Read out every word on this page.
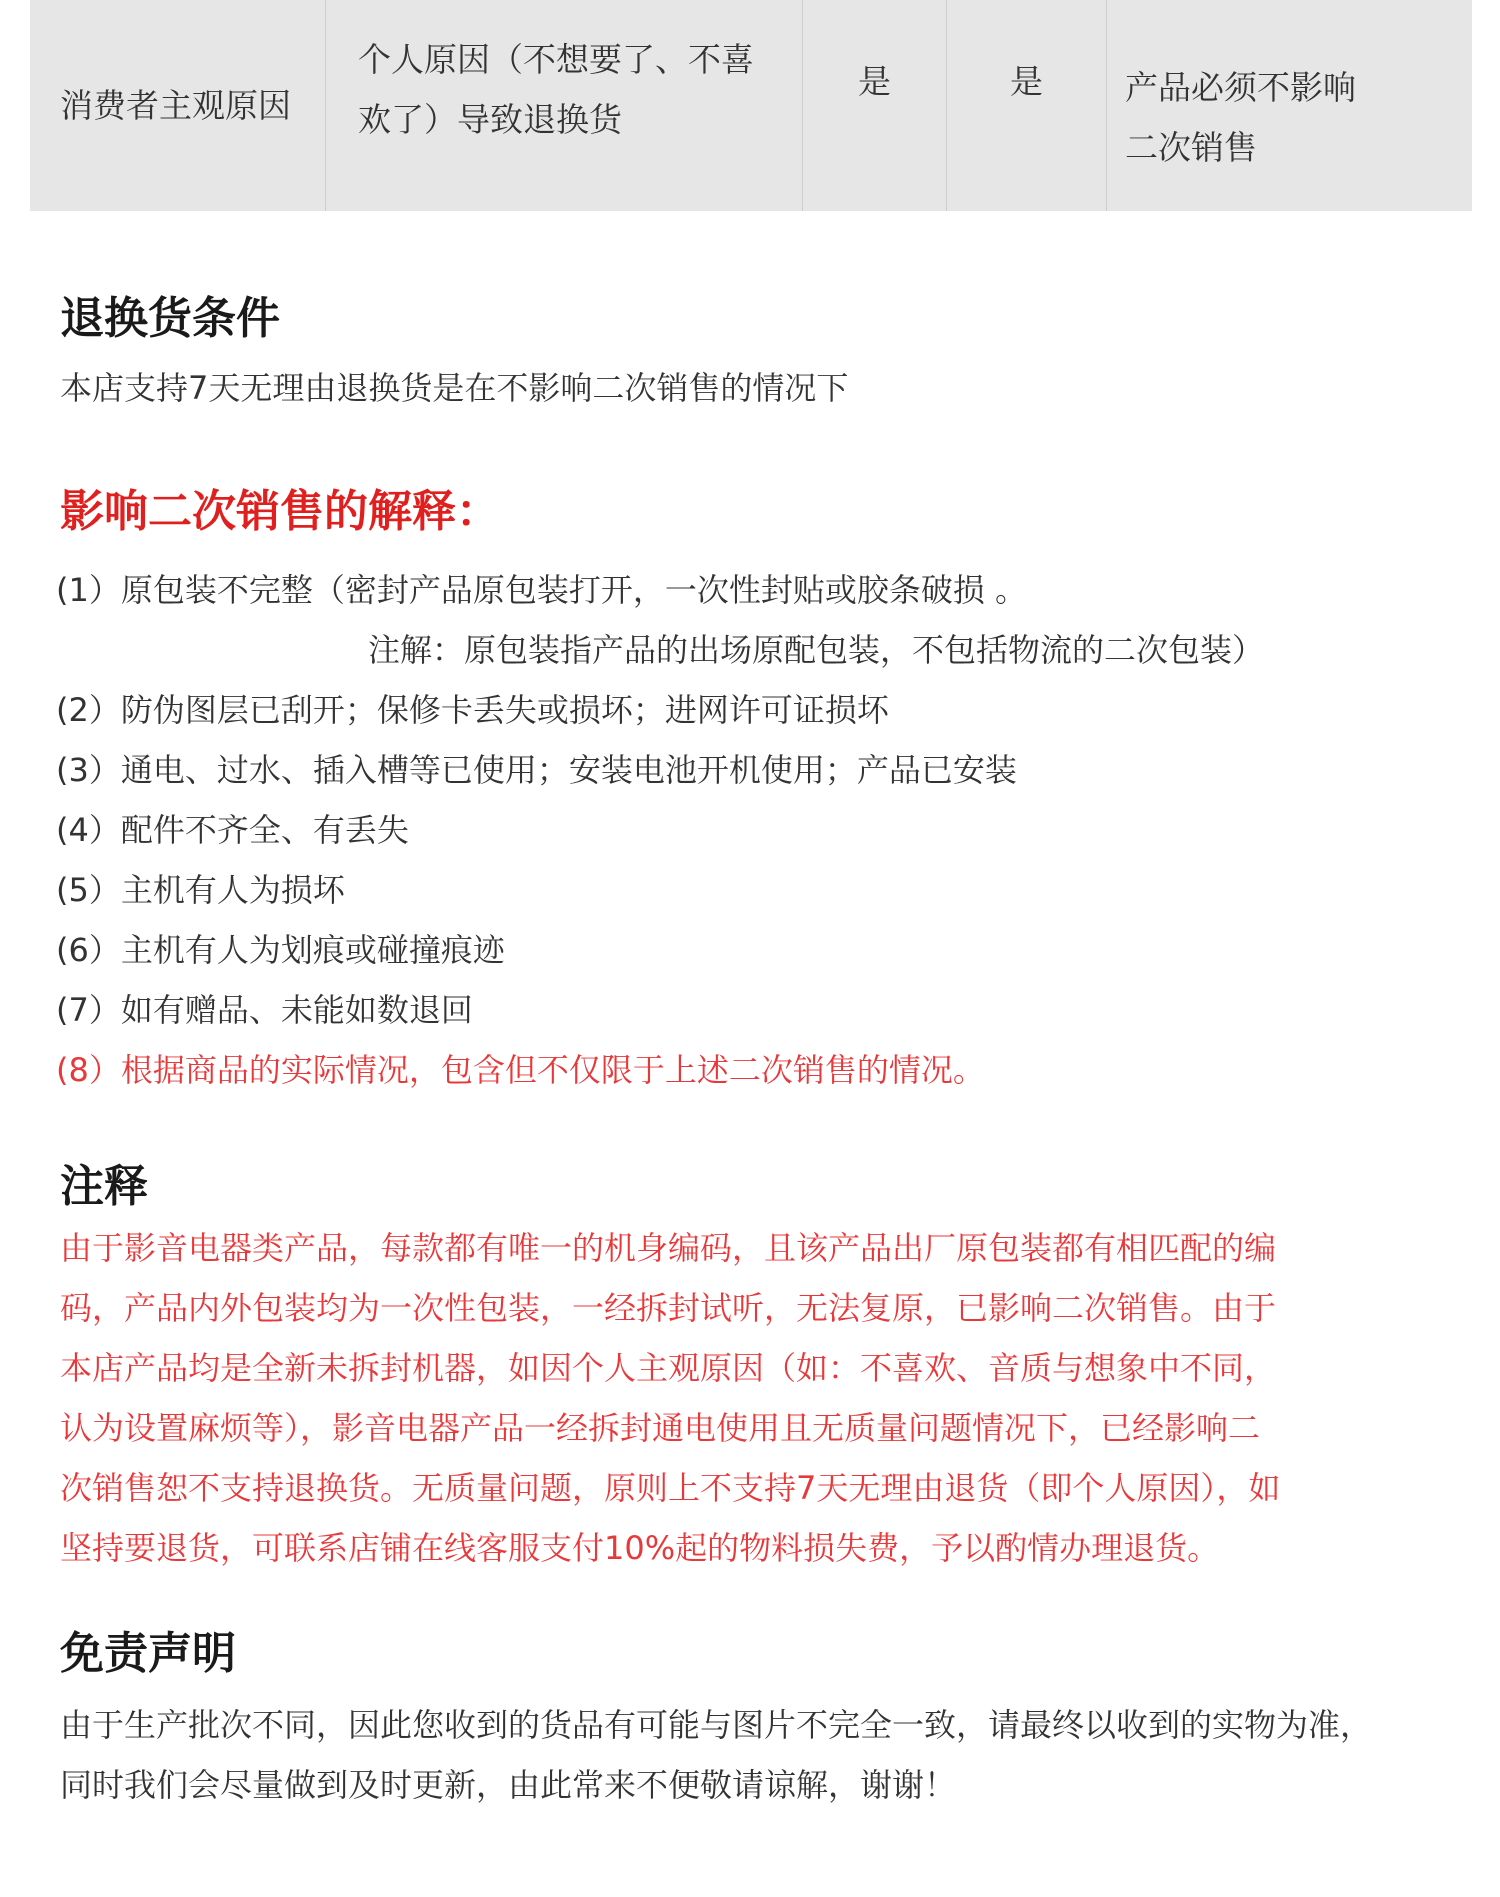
消费者主观原因
个人原因（不想要了、不喜
欢了）导致退换货
是	是 产品必须不影响
二次销售
退换货条件

本店支持7天无理由退换货是在不影响二次销售的情况下

影响二次销售的解释：
(1）原包装不完整（密封产品原包装打开，一次性封贴或胶条破损 。
注解：原包装指产品的出场原配包装，不包括物流的二次包装）
(2）防伪图层已刮开；保修卡丢失或损坏；进网许可证损坏
(3）通电、过水、插入槽等已使用；安装电池开机使用；产品已安装
(4）配件不齐全、有丢失
(5）主机有人为损坏
(6）主机有人为划痕或碰撞痕迹
(7）如有赠品、未能如数退回
(8）根据商品的实际情况，包含但不仅限于上述二次销售的情况。
注释
由于影音电器类产品，每款都有唯一的机身编码，且该产品出厂原包装都有相匹配的编
码，产品内外包装均为一次性包装，一经拆封试听，无法复原，已影响二次销售。由于
本店产品均是全新未拆封机器，如因个人主观原因（如：不喜欢、音质与想象中不同，
认为设置麻烦等），影音电器产品一经拆封通电使用且无质量问题情况下，已经影响二
次销售恕不支持退换货。无质量问题，原则上不支持7天无理由退货（即个人原因），如
坚持要退货，可联系店铺在线客服支付10%起的物料损失费，予以酌情办理退货。
免责声明
由于生产批次不同，因此您收到的货品有可能与图片不完全一致，请最终以收到的实物为准，
同时我们会尽量做到及时更新，由此常来不便敬请谅解，谢谢！
